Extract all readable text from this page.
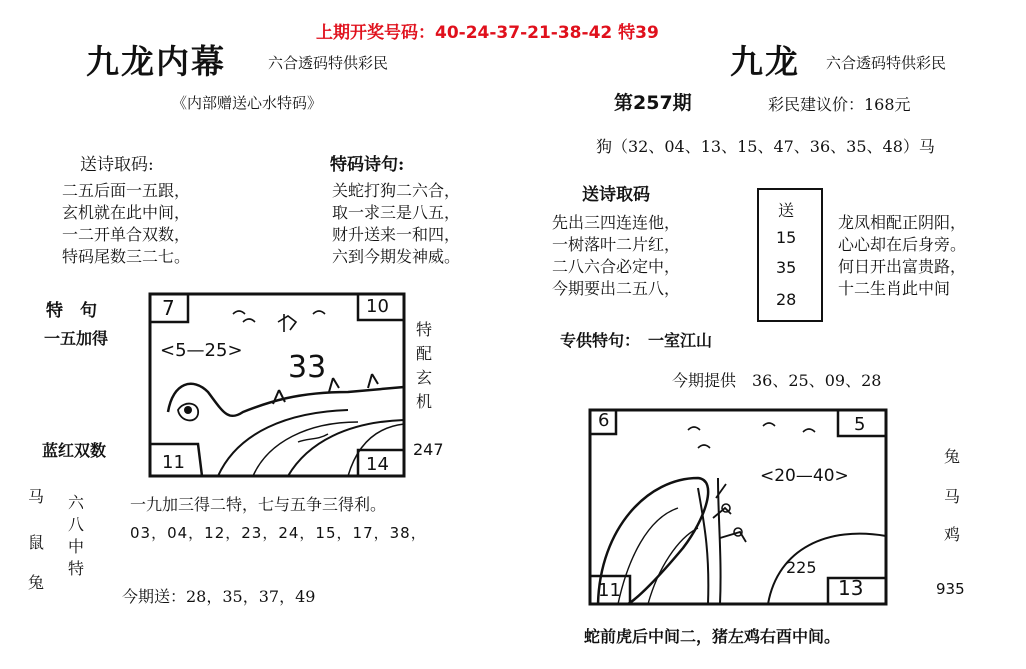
上期开奖号码：40-24-37-21-38-42 特39
九龙内幕	六合透码特供彩民
《内部赠送心水特码》
送诗取码:
二五后面一五跟，
玄机就在此中间，
一二开单合双数，
特码尾数三二七。
特码诗句:
关蛇打狗二六合，
取一求三是八五，
财升送来一和四，
六到今期发神威。
特　句
一五加得
蓝红双数
7	10
11	14
<5—25> 33
特配玄机
247
马
鼠
兔
六八中特
一九加三得二特，七与五争三得利。
03，04，12，23，24，15，17，38，
今期送：28，35，37，49
九龙 六合透码特供彩民
第257期	彩民建议价：168元
狗（32、04、13、15、47、36、35、48）马
送诗取码
先出三四连连他，
一树落叶二片红，
二八六合必定中，
今期要出二五八，
送
15
35
28
龙凤相配正阴阳，
心心却在后身旁。
何日开出富贵路，
十二生肖此中间
专供特句：　一室江山
今期提供　36、25、09、28
6	5
11	13
<20—40>
225
兔
马
鸡
935
蛇前虎后中间二，猪左鸡右酉中间。
